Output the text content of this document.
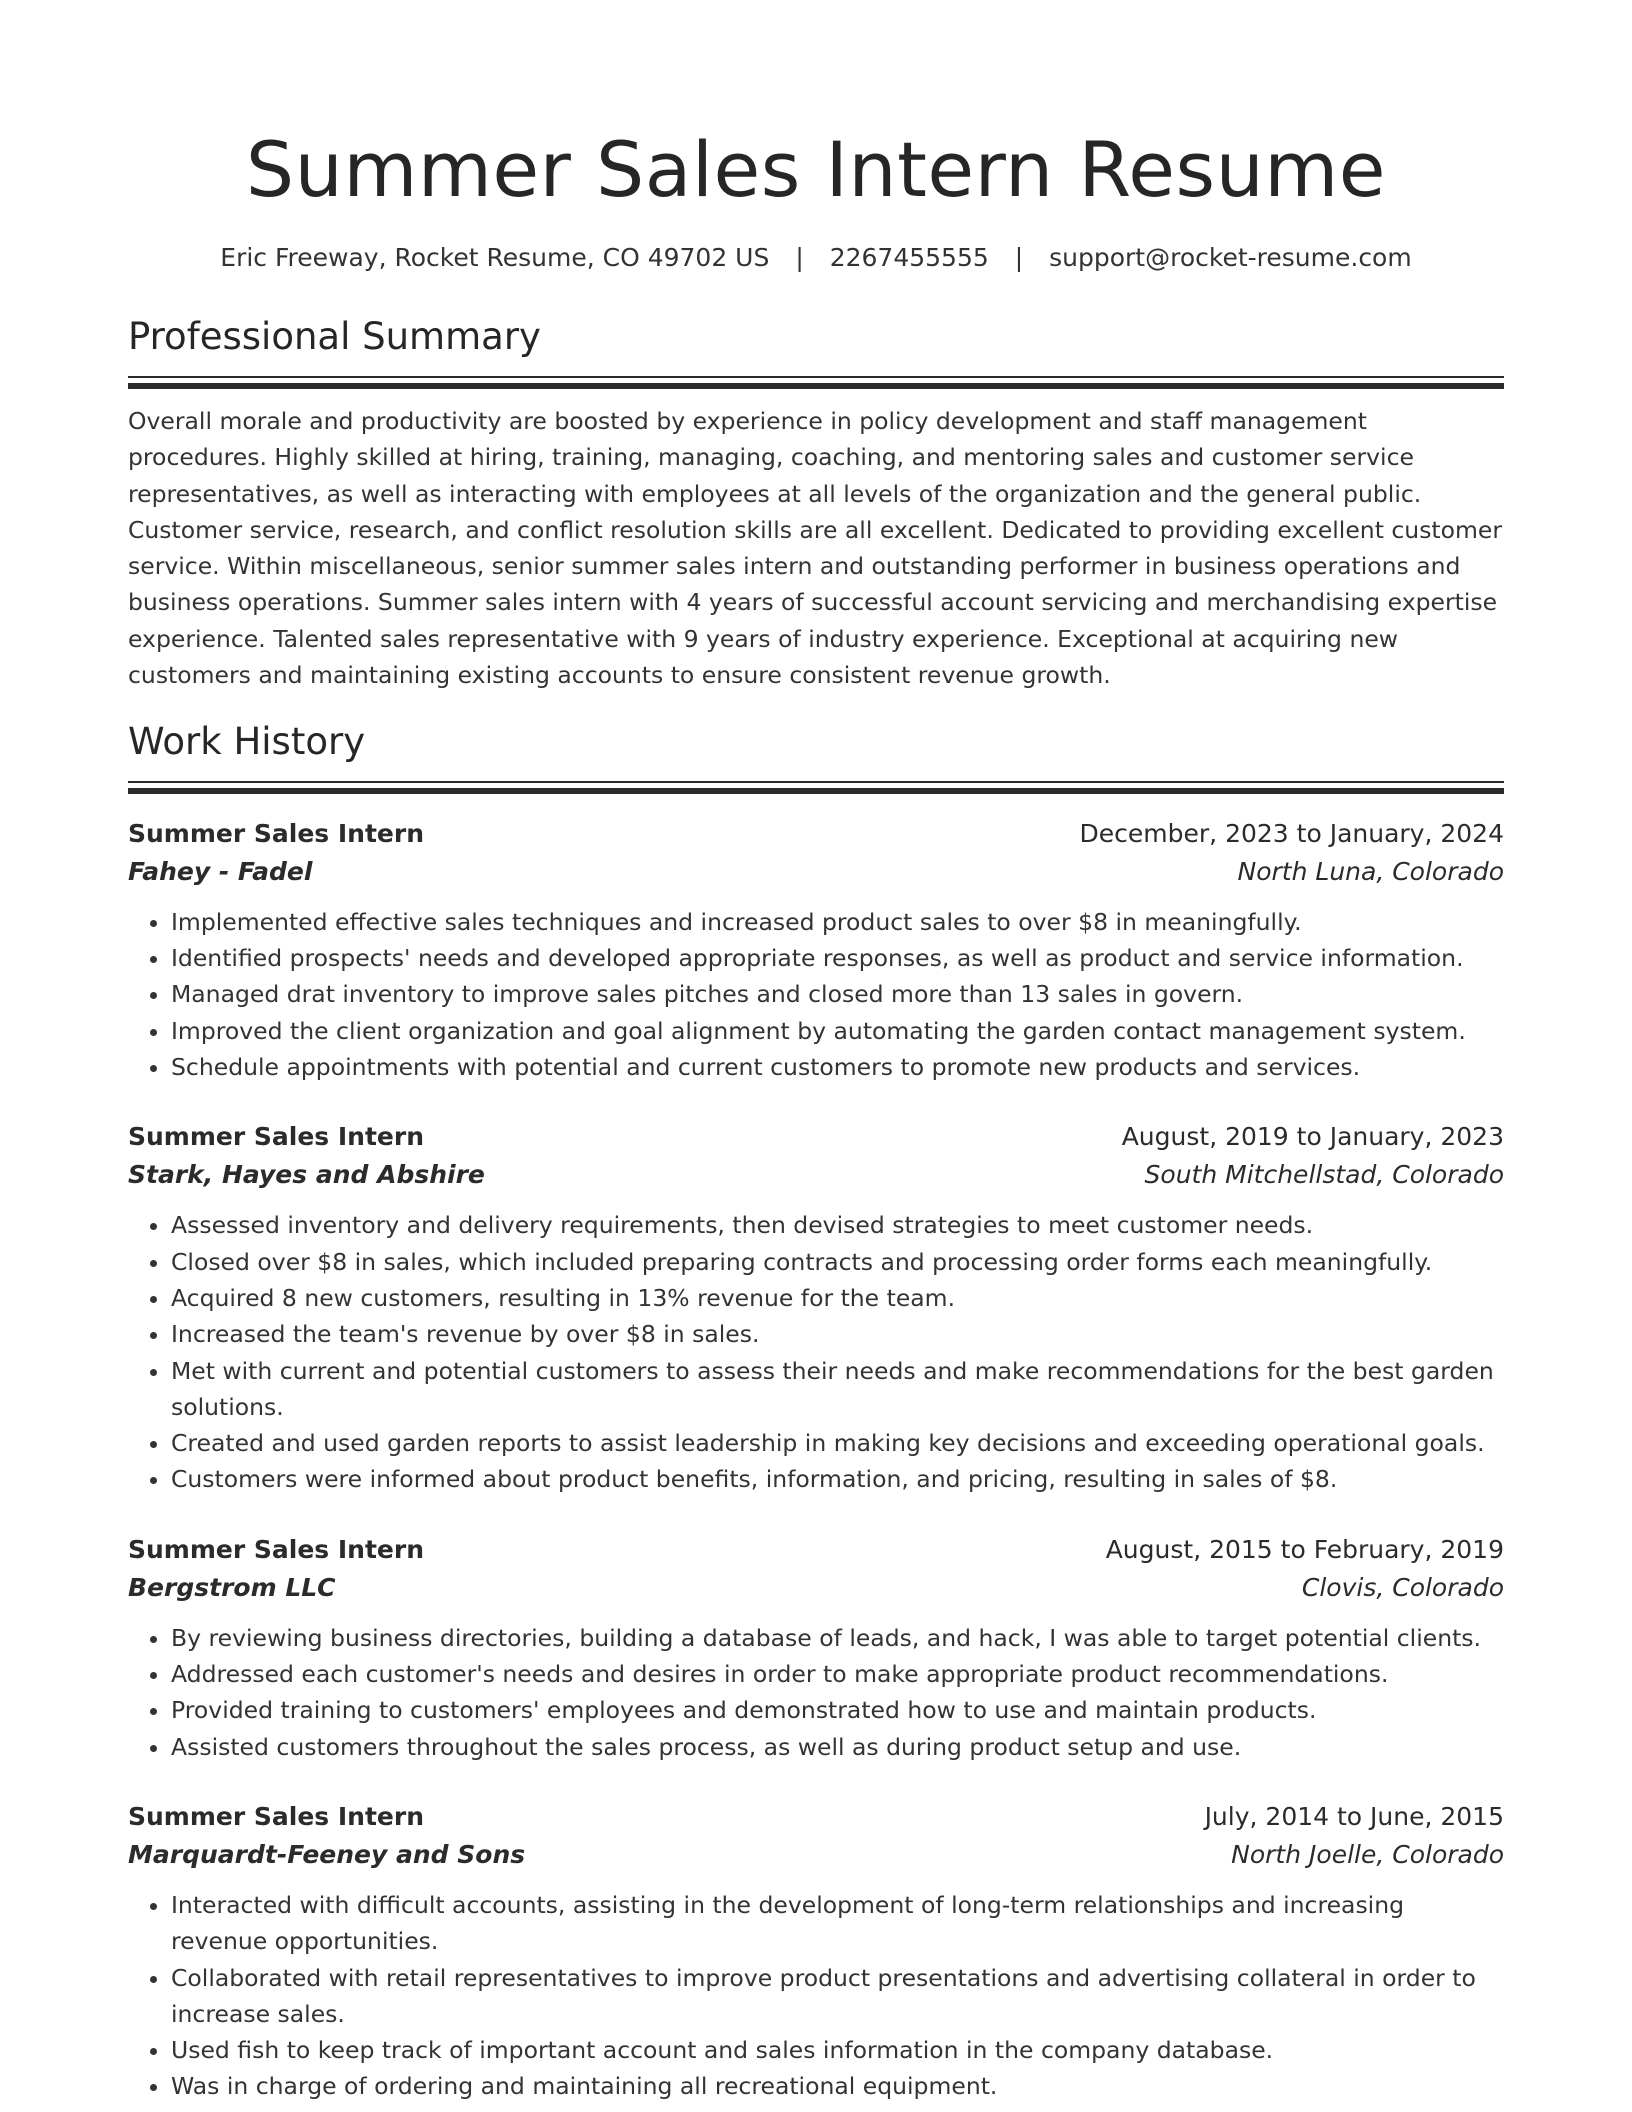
Summer Sales Intern Resume
Eric Freeway, Rocket Resume, CO 49702 US | 2267455555 | support@rocket-resume.com
Professional Summary

Overall morale and productivity are boosted by experience in policy development and staff management procedures. Highly skilled at hiring, training, managing, coaching, and mentoring sales and customer service representatives, as well as interacting with employees at all levels of the organization and the general public. Customer service, research, and conflict resolution skills are all excellent. Dedicated to providing excellent customer service. Within miscellaneous, senior summer sales intern and outstanding performer in business operations and business operations. Summer sales intern with 4 years of successful account servicing and merchandising expertise experience. Talented sales representative with 9 years of industry experience. Exceptional at acquiring new customers and maintaining existing accounts to ensure consistent revenue growth.

Work History
Summer Sales Intern	December, 2023 to January, 2024
Fahey - Fadel	North Luna, Colorado
• Implemented effective sales techniques and increased product sales to over $8 in meaningfully.
• Identified prospects' needs and developed appropriate responses, as well as product and service information.
• Managed drat inventory to improve sales pitches and closed more than 13 sales in govern.
• Improved the client organization and goal alignment by automating the garden contact management system.
• Schedule appointments with potential and current customers to promote new products and services.
Summer Sales Intern	August, 2019 to January, 2023
Stark, Hayes and Abshire	South Mitchellstad, Colorado
• Assessed inventory and delivery requirements, then devised strategies to meet customer needs.
• Closed over $8 in sales, which included preparing contracts and processing order forms each meaningfully.
• Acquired 8 new customers, resulting in 13% revenue for the team.
• Increased the team's revenue by over $8 in sales.
• Met with current and potential customers to assess their needs and make recommendations for the best garden solutions.
• Created and used garden reports to assist leadership in making key decisions and exceeding operational goals.
• Customers were informed about product benefits, information, and pricing, resulting in sales of $8.
Summer Sales Intern	August, 2015 to February, 2019
Bergstrom LLC	Clovis, Colorado
• By reviewing business directories, building a database of leads, and hack, I was able to target potential clients.
• Addressed each customer's needs and desires in order to make appropriate product recommendations.
• Provided training to customers' employees and demonstrated how to use and maintain products.
• Assisted customers throughout the sales process, as well as during product setup and use.
Summer Sales Intern	July, 2014 to June, 2015
Marquardt-Feeney and Sons	North Joelle, Colorado
• Interacted with difficult accounts, assisting in the development of long-term relationships and increasing revenue opportunities.
• Collaborated with retail representatives to improve product presentations and advertising collateral in order to increase sales.
• Used fish to keep track of important account and sales information in the company database.
• Was in charge of ordering and maintaining all recreational equipment.
